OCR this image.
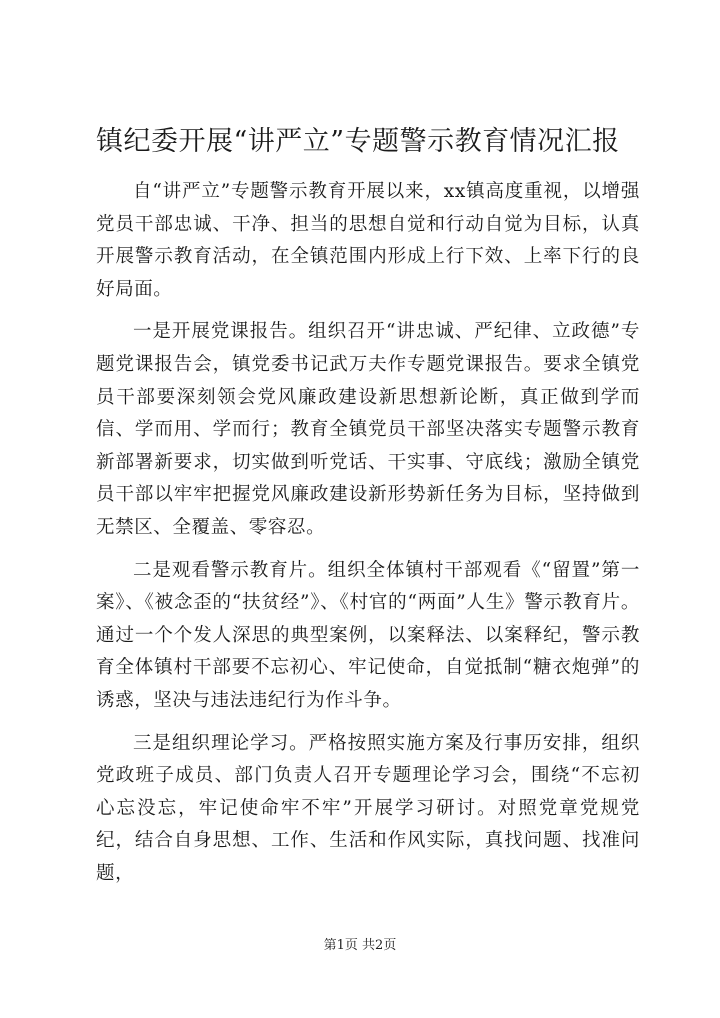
镇纪委开展“讲严立”专题警示教育情况汇报

自“讲严立”专题警示教育开展以来，xx镇高度重视，以增强党员干部忠诚、干净、担当的思想自觉和行动自觉为目标，认真开展警示教育活动，在全镇范围内形成上行下效、上率下行的良好局面。

一是开展党课报告。组织召开“讲忠诚、严纪律、立政德”专题党课报告会，镇党委书记武万夫作专题党课报告。要求全镇党员干部要深刻领会党风廉政建设新思想新论断，真正做到学而信、学而用、学而行；教育全镇党员干部坚决落实专题警示教育新部署新要求，切实做到听党话、干实事、守底线；激励全镇党员干部以牢牢把握党风廉政建设新形势新任务为目标，坚持做到无禁区、全覆盖、零容忍。

二是观看警示教育片。组织全体镇村干部观看《“留置”第一案》、《被念歪的“扶贫经”》、《村官的“两面”人生》警示教育片。通过一个个发人深思的典型案例，以案释法、以案释纪，警示教育全体镇村干部要不忘初心、牢记使命，自觉抵制“糖衣炮弹”的诱惑，坚决与违法违纪行为作斗争。

三是组织理论学习。严格按照实施方案及行事历安排，组织党政班子成员、部门负责人召开专题理论学习会，围绕“不忘初心忘没忘，牢记使命牢不牢”开展学习研讨。对照党章党规党纪，结合自身思想、工作、生活和作风实际，真找问题、找准问题，

第1页 共2页
